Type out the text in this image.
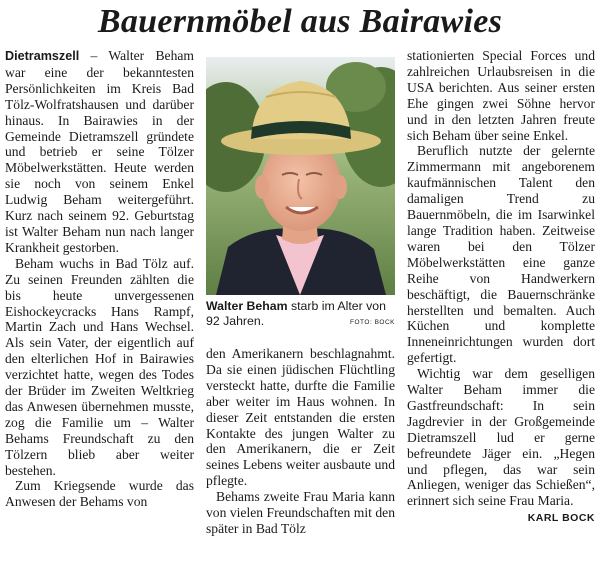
Bauernmöbel aus Bairawies

Dietramszell – Walter Beham war eine der bekanntesten Persönlichkeiten im Kreis Bad Tölz-Wolfratshausen und darüber hinaus. In Bairawies in der Gemeinde Dietramszell gründete und betrieb er seine Tölzer Möbelwerkstätten. Heute werden sie noch von seinem Enkel Ludwig Beham weitergeführt. Kurz nach seinem 92. Geburtstag ist Walter Beham nun nach langer Krankheit gestorben.

Beham wuchs in Bad Tölz auf. Zu seinen Freunden zählten die bis heute unvergessenen Eishockeycracks Hans Rampf, Martin Zach und Hans Wechsel. Als sein Vater, der eigentlich auf den elterlichen Hof in Bairawies verzichtet hatte, wegen des Todes der Brüder im Zweiten Weltkrieg das Anwesen übernehmen musste, zog die Familie um – Walter Behams Freundschaft zu den Tölzern blieb aber weiter bestehen.

Zum Kriegsende wurde das Anwesen der Behams von

Walter Beham starb im Alter von 92 Jahren.	FOTO: BOCK

den Amerikanern beschlagnahmt. Da sie einen jüdischen Flüchtling versteckt hatte, durfte die Familie aber weiter im Haus wohnen. In dieser Zeit entstanden die ersten Kontakte des jungen Walter zu den Amerikanern, die er Zeit seines Lebens weiter ausbaute und pflegte.

Behams zweite Frau Maria kann von vielen Freundschaften mit den später in Bad Tölz

stationierten Special Forces und zahlreichen Urlaubsreisen in die USA berichten. Aus seiner ersten Ehe gingen zwei Söhne hervor und in den letzten Jahren freute sich Beham über seine Enkel.

Beruflich nutzte der gelernte Zimmermann mit angeborenem kaufmännischen Talent den damaligen Trend zu Bauernmöbeln, die im Isarwinkel lange Tradition haben. Zeitweise waren bei den Tölzer Möbelwerkstätten eine ganze Reihe von Handwerkern beschäftigt, die Bauernschränke herstellten und bemalten. Auch Küchen und komplette Inneneinrichtungen wurden dort gefertigt.

Wichtig war dem geselligen Walter Beham immer die Gastfreundschaft: In sein Jagdrevier in der Großgemeinde Dietramszell lud er gerne befreundete Jäger ein. „Hegen und pflegen, das war sein Anliegen, weniger das Schießen“, erinnert sich seine Frau Maria.
KARL BOCK
